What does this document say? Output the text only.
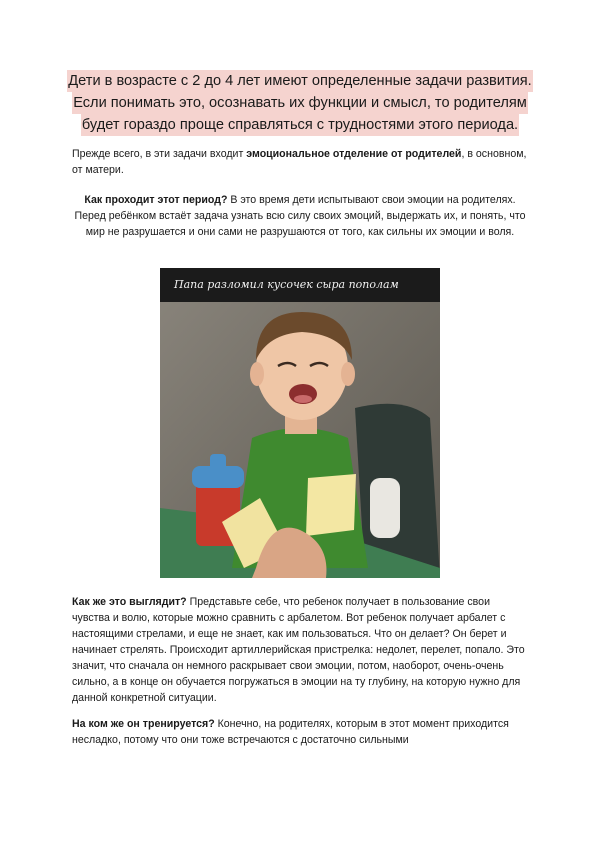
Дети в возрасте с 2 до 4 лет имеют определенные задачи развития.
Если понимать это, осознавать их функции и смысл, то родителям
будет гораздо проще справляться с трудностями этого периода.
Прежде всего, в эти задачи входит эмоциональное отделение от родителей, в основном, от матери.
Как проходит этот период? В это время дети испытывают свои эмоции на родителях. Перед ребёнком встаёт задача узнать всю силу своих эмоций, выдержать их, и понять, что мир не разрушается и они сами не разрушаются от того, как сильны их эмоции и воля.
Папа разломил кусочек сыра пополам
Как же это выглядит? Представьте себе, что ребенок получает в пользование свои чувства и волю, которые можно сравнить с арбалетом. Вот ребенок получает арбалет с настоящими стрелами, и еще не знает, как им пользоваться. Что он делает? Он берет и начинает стрелять. Происходит артиллерийская пристрелка: недолет, перелет, попало. Это значит, что сначала он немного раскрывает свои эмоции, потом, наоборот, очень-очень сильно, а в конце он обучается погружаться в эмоции на ту глубину, на которую нужно для данной конкретной ситуации.
На ком же он тренируется? Конечно, на родителях, которым в этот момент приходится несладко, потому что они тоже встречаются с достаточно сильными
